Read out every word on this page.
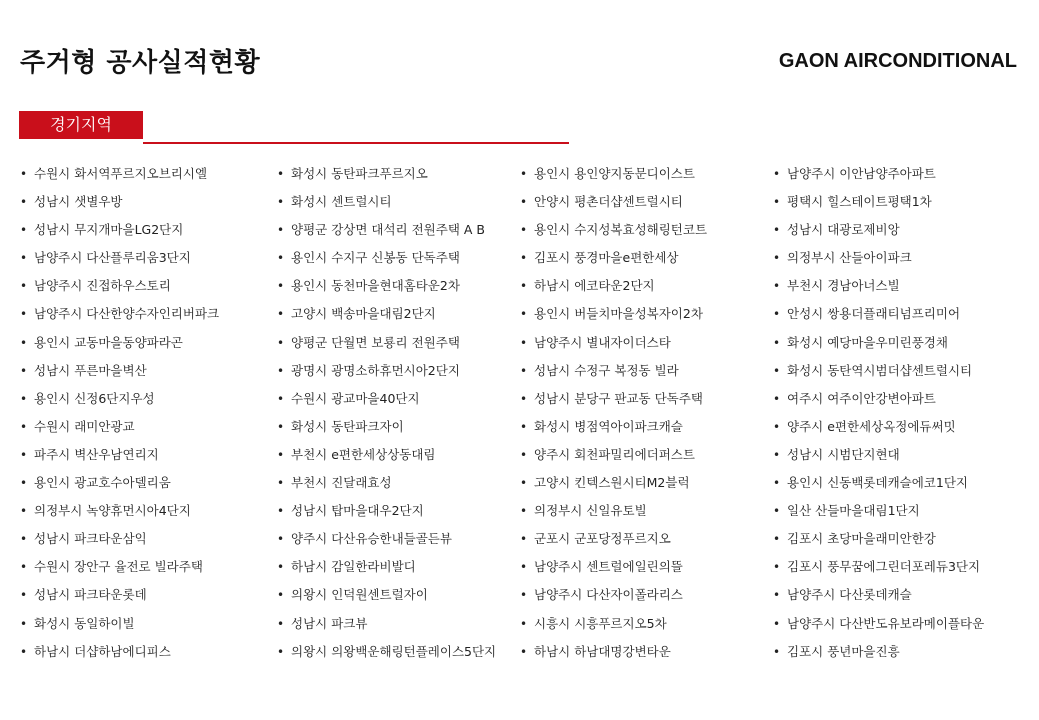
주거형 공사실적현황	GAON AIRCONDITIONAL
경기지역
• 수원시 화서역푸르지오브리시엘
• 성남시 샛별우방
• 성남시 무지개마을LG2단지
• 남양주시 다산플루리움3단지
• 남양주시 진접하우스토리
• 남양주시 다산한양수자인리버파크
• 용인시 교동마을동양파라곤
• 성남시 푸른마을벽산
• 용인시 신정6단지우성
• 수원시 래미안광교
• 파주시 벽산우남연리지
• 용인시 광교호수아델리움
• 의정부시 녹양휴먼시아4단지
• 성남시 파크타운삼익
• 수원시 장안구 율전로 빌라주택
• 성남시 파크타운롯데
• 화성시 동일하이빌
• 하남시 더샵하남에디피스
• 화성시 동탄파크푸르지오
• 화성시 센트럴시티
• 양평군 강상면 대석리 전원주택 A B
• 용인시 수지구 신봉동 단독주택
• 용인시 동천마을현대홈타운2차
• 고양시 백송마을대림2단지
• 양평군 단월면 보룡리 전원주택
• 광명시 광명소하휴먼시아2단지
• 수원시 광교마을40단지
• 화성시 동탄파크자이
• 부천시 e편한세상상동대림
• 부천시 진달래효성
• 성남시 탑마을대우2단지
• 양주시 다산유승한내들골든뷰
• 하남시 감일한라비발디
• 의왕시 인덕원센트럴자이
• 성남시 파크뷰
• 의왕시 의왕백운해링턴플레이스5단지
• 용인시 용인양지동문디이스트
• 안양시 평촌더샵센트럴시티
• 용인시 수지성복효성해링턴코트
• 김포시 풍경마을e편한세상
• 하남시 에코타운2단지
• 용인시 버들치마을성복자이2차
• 남양주시 별내자이더스타
• 성남시 수정구 복정동 빌라
• 성남시 분당구 판교동 단독주택
• 화성시 병점역아이파크캐슬
• 양주시 회천파밀리에더퍼스트
• 고양시 킨텍스원시티M2블럭
• 의정부시 신일유토빌
• 군포시 군포당정푸르지오
• 남양주시 센트럴에일린의뜰
• 남양주시 다산자이폴라리스
• 시흥시 시흥푸르지오5차
• 하남시 하남대명강변타운
• 남양주시 이안남양주아파트
• 평택시 힐스테이트평택1차
• 성남시 대광로제비앙
• 의정부시 산들아이파크
• 부천시 경남아너스빌
• 안성시 쌍용더플래티넘프리미어
• 화성시 예당마을우미린풍경채
• 화성시 동탄역시범더샵센트럴시티
• 여주시 여주이안강변아파트
• 양주시 e편한세상옥정에듀써밋
• 성남시 시범단지현대
• 용인시 신동백롯데캐슬에코1단지
• 일산 산들마을대림1단지
• 김포시 초당마을래미안한강
• 김포시 풍무꿈에그린더포레듀3단지
• 남양주시 다산롯데캐슬
• 남양주시 다산반도유보라메이플타운
• 김포시 풍년마을진흥
